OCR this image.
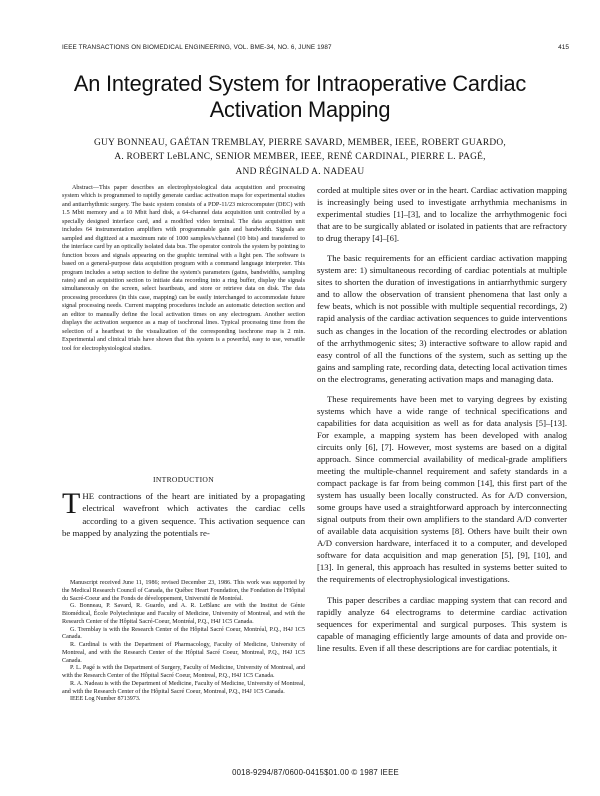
IEEE TRANSACTIONS ON BIOMEDICAL ENGINEERING, VOL. BME-34, NO. 6, JUNE 1987	415
An Integrated System for Intraoperative Cardiac
Activation Mapping
GUY BONNEAU, GAÉTAN TREMBLAY, PIERRE SAVARD, MEMBER, IEEE, ROBERT GUARDO,
A. ROBERT LeBLANC, SENIOR MEMBER, IEEE, RENÉ CARDINAL, PIERRE L. PAGÉ,
AND RÉGINALD A. NADEAU

Abstract—This paper describes an electrophysiological data acquisition and processing system which is programmed to rapidly generate cardiac activation maps for experimental studies and antiarrhythmic surgery. The basic system consists of a PDP-11/23 microcomputer (DEC) with 1.5 Mbit memory and a 10 Mbit hard disk, a 64-channel data acquisition unit controlled by a specially designed interface card, and a modified video terminal. The data acquisition unit includes 64 instrumentation amplifiers with programmable gain and bandwidth. Signals are sampled and digitized at a maximum rate of 1000 samples/s/channel (10 bits) and transferred to the interface card by an optically isolated data bus. The operator controls the system by pointing to function boxes and signals appearing on the graphic terminal with a light pen. The software is based on a general-purpose data acquisition program with a command language interpreter. This program includes a setup section to define the system's parameters (gains, bandwidths, sampling rates) and an acquisition section to initiate data recording into a ring buffer, display the signals simultaneously on the screen, select heartbeats, and store or retrieve data on disk. The data processing procedures (in this case, mapping) can be easily interchanged to accommodate future signal processing needs. Current mapping procedures include an automatic detection section and an editor to manually define the local activation times on any electrogram. Another section displays the activation sequence as a map of isochronal lines. Typical processing time from the selection of a heartbeat to the visualization of the corresponding isochrone map is 2 min. Experimental and clinical trials have shown that this system is a powerful, easy to use, versatile tool for electrophysiological studies.

INTRODUCTION

THE contractions of the heart are initiated by a propagating electrical wavefront which activates the cardiac cells according to a given sequence. This activation sequence can be mapped by analyzing the potentials re-

Manuscript received June 11, 1986; revised December 23, 1986. This work was supported by the Medical Research Council of Canada, the Québec Heart Foundation, the Fondation de l'Hôpital du Sacré-Coeur and the Fonds de développement, Université de Montréal.

G. Bonneau, P. Savard, R. Guardo, and A. R. LeBlanc are with the Institut de Génie Biomédical, École Polytechnique and Faculty of Medicine, University of Montreal, and with the Research Center of the Hôpital Sacré-Coeur, Montréal, P.Q., H4J 1C5 Canada.

G. Tremblay is with the Research Center of the Hôpital Sacré Coeur, Montréal, P.Q., H4J 1C5 Canada.

R. Cardinal is with the Department of Pharmacology, Faculty of Medicine, University of Montreal, and with the Research Center of the Hôpital Sacré Coeur, Montreal, P.Q., H4J 1C5 Canada.

P. L. Pagé is with the Department of Surgery, Faculty of Medicine, University of Montreal, and with the Research Center of the Hôpital Sacré Coeur, Montreal, P.Q., H4J 1C5 Canada.

R. A. Nadeau is with the Department of Medicine, Faculty of Medicine, University of Montreal, and with the Research Center of the Hôpital Sacré Coeur, Montreal, P.Q., H4J 1C5 Canada.

IEEE Log Number 8713973.

corded at multiple sites over or in the heart. Cardiac activation mapping is increasingly being used to investigate arrhythmia mechanisms in experimental studies [1]–[3], and to localize the arrhythmogenic foci that are to be surgically ablated or isolated in patients that are refractory to drug therapy [4]–[6].

The basic requirements for an efficient cardiac activation mapping system are: 1) simultaneous recording of cardiac potentials at multiple sites to shorten the duration of investigations in antiarrhythmic surgery and to allow the observation of transient phenomena that last only a few beats, which is not possible with multiple sequential recordings, 2) rapid analysis of the cardiac activation sequences to guide interventions such as changes in the location of the recording electrodes or ablation of the arrhythmogenic sites; 3) interactive software to allow rapid and easy control of all the functions of the system, such as setting up the gains and sampling rate, recording data, detecting local activation times on the electrograms, generating activation maps and managing data.

These requirements have been met to varying degrees by existing systems which have a wide range of technical specifications and capabilities for data acquisition as well as for data analysis [5]–[13]. For example, a mapping system has been developed with analog circuits only [6], [7]. However, most systems are based on a digital approach. Since commercial availability of medical-grade amplifiers meeting the multiple-channel requirement and safety standards in a compact package is far from being common [14], this first part of the system has usually been locally constructed. As for A/D conversion, some groups have used a straightforward approach by interconnecting signal outputs from their own amplifiers to the standard A/D converter of available data acquisition systems [8]. Others have built their own A/D conversion hardware, interfaced it to a computer, and developed software for data acquisition and map generation [5], [9], [10], and [13]. In general, this approach has resulted in systems better suited to the requirements of electrophysiological investigations.

This paper describes a cardiac mapping system that can record and rapidly analyze 64 electrograms to determine cardiac activation sequences for experimental and surgical purposes. This system is capable of managing efficiently large amounts of data and provide on-line results. Even if all these descriptions are for cardiac potentials, it

0018-9294/87/0600-0415$01.00 © 1987 IEEE
